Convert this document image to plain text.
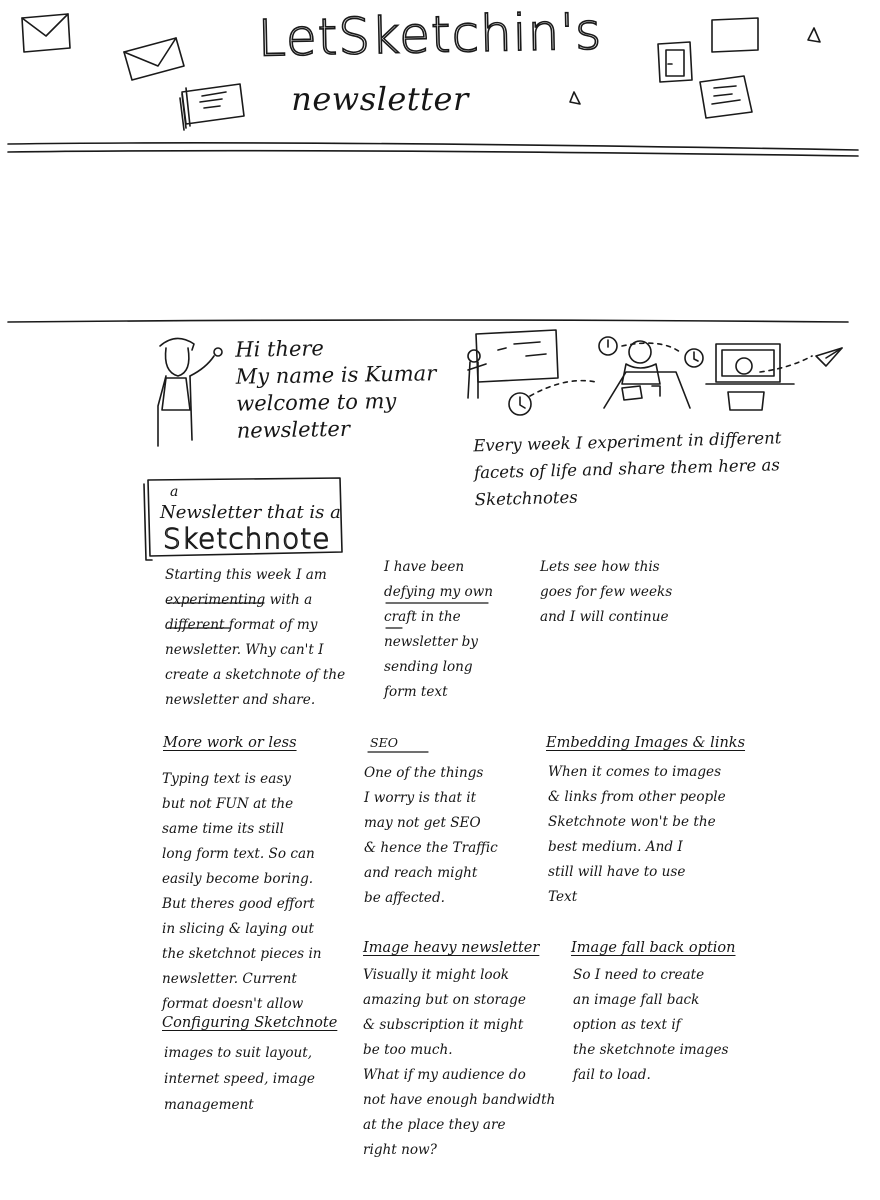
LetSketchin's
newsletter
Hi there
My name is Kumar
welcome to my
newsletter	Every week I experiment in different
facets of life and share them here as Sketchnotes
a
Newsletter that is a
Sketchnote
Starting this week I am
experimenting with a
different format of my
newsletter. Why can't I
create a sketchnote of the
newsletter and share.
I have been
defying my own
craft in the
newsletter by
sending long
form text
Lets see how this
goes for few weeks
and I will continue
More work or less
Typing text is easy
but not FUN at the
same time its still
long form text. So can
easily become boring.
But theres good effort
in slicing & laying out
the sketchnot pieces in
newsletter. Current
format doesn't allow
SEO
One of the things
I worry is that it
may not get SEO
& hence the Traffic
and reach might
be affected.
Embedding Images & links
When it comes to images
& links from other people
Sketchnote won't be the
best medium. And I
still will have to use
Text
Configuring Sketchnote
images to suit layout,
internet speed, image
management
Image heavy newsletter
Visually it might look
amazing but on storage
& subscription it might
be too much.
What if my audience do
not have enough bandwidth
at the place they are
right now?
Image fall back option
So I need to create
an image fall back
option as text if
the sketchnote images
fail to load.
